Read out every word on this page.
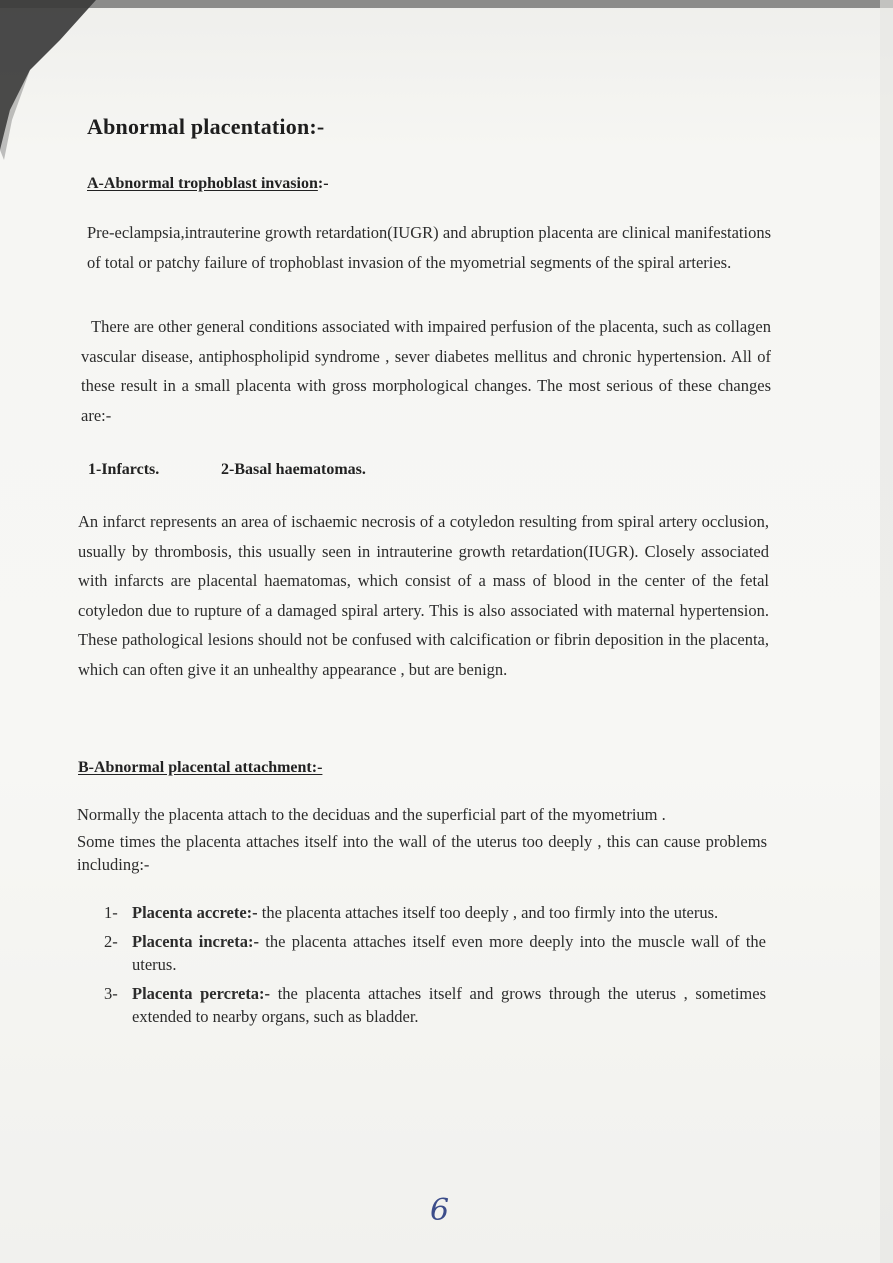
Abnormal placentation:-
A-Abnormal trophoblast invasion:-

Pre-eclampsia,intrauterine growth retardation(IUGR) and abruption placenta are clinical manifestations of total or patchy failure of trophoblast invasion of the myometrial segments of the spiral arteries.

There are other general conditions associated with impaired perfusion of the placenta, such as collagen vascular disease, antiphospholipid syndrome , sever diabetes mellitus and chronic hypertension. All of these result in a small placenta with gross morphological changes. The most serious of these changes are:-

1-Infarcts.	2-Basal haematomas.

An infarct represents an area of ischaemic necrosis of a cotyledon resulting from spiral artery occlusion, usually by thrombosis, this usually seen in intrauterine growth retardation(IUGR). Closely associated with infarcts are placental haematomas, which consist of a mass of blood in the center of the fetal cotyledon due to rupture of a damaged spiral artery. This is also associated with maternal hypertension. These pathological lesions should not be confused with calcification or fibrin deposition in the placenta, which can often give it an unhealthy appearance , but are benign.

B-Abnormal placental attachment:-

Normally the placenta attach to the deciduas and the superficial part of the myometrium .

Some times the placenta attaches itself into the wall of the uterus too deeply , this can cause problems including:-

1- Placenta accrete:- the placenta attaches itself too deeply , and too firmly into the uterus.
2- Placenta increta:- the placenta attaches itself even more deeply into the muscle wall of the uterus.
3- Placenta percreta:- the placenta attaches itself and grows through the uterus , sometimes extended to nearby organs, such as bladder.
6
